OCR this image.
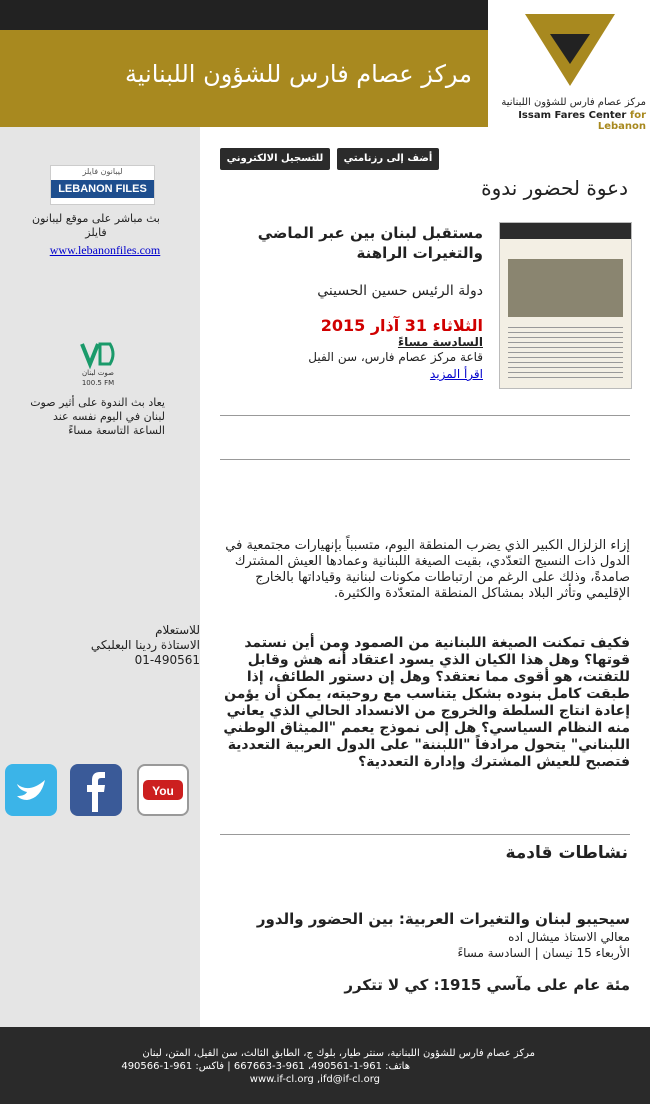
مركز عصام فارس للشؤون اللبنانية
مركز عصام فارس للشؤون اللبنانية
Issam Fares Center for Lebanon
ليبانون فايلز
LEBANON FILES
بث مباشر على موقع ليبانون فايلز
www.lebanonfiles.com
صوت لبنان
100.5 FM
يعاد بث الندوة على أثير صوت لبنان في اليوم نفسه عند الساعة التاسعة مساءً
للاستعلام
الاستاذة ردينا البعلبكي
01-490561
You
للتسجيل الالكتروني	أضف إلى رزنامتي
دعوة لحضور ندوة
مستقبل لبنان بين عبر الماضي والتغيرات الراهنة
دولة الرئيس حسين الحسيني
الثلاثاء 31 آذار 2015
السادسة مساءً
قاعة مركز عصام فارس، سن الفيل
اقرأ المزيد
إزاء الزلزال الكبير الذي يضرب المنطقة اليوم، متسبباً بإنهيارات مجتمعية في الدول ذات النسيج التعدّدي، بقيت الصيغة اللبنانية وعمادها العيش المشترك صامدةً، وذلك على الرغم من ارتباطات مكونات لبنانية وقياداتها بالخارج الإقليمي وتأثر البلاد بمشاكل المنطقة المتعدّدة والكثيرة.
فكيف تمكنت الصيغة اللبنانية من الصمود ومن أين نستمد قوتها؟ وهل هذا الكيان الذي يسود اعتقاد أنه هش وقابل للتفتت، هو أقوى مما نعتقد؟ وهل إن دستور الطائف، إذا طبقت كامل بنوده بشكل يتناسب مع روحيته، يمكن أن يؤمن إعادة انتاج السلطة والخروج من الانسداد الحالي الذي يعاني منه النظام السياسي؟ هل إلى نموذج يعمم "الميثاق الوطني اللبناني" يتحول مرادفاً "اللبننة" على الدول العربية التعددية فتصبح للعيش المشترك وإدارة التعددية؟
نشاطات قادمة
سيحيبو لبنان والتغيرات العربية: بين الحضور والدور
معالي الاستاذ ميشال اده
الأربعاء 15 نيسان | السادسة مساءً
مئة عام على مآسي 1915: كي لا تتكرر
مركز عصام فارس للشؤون اللبنانية، سنتر طيار، بلوك ج، الطابق الثالث، سن الفيل، المتن، لبنان
هاتف: 961-1-490561، 961-3-667663 | فاكس: 961-1-490566
www.if-cl.org ,ifd@if-cl.org
